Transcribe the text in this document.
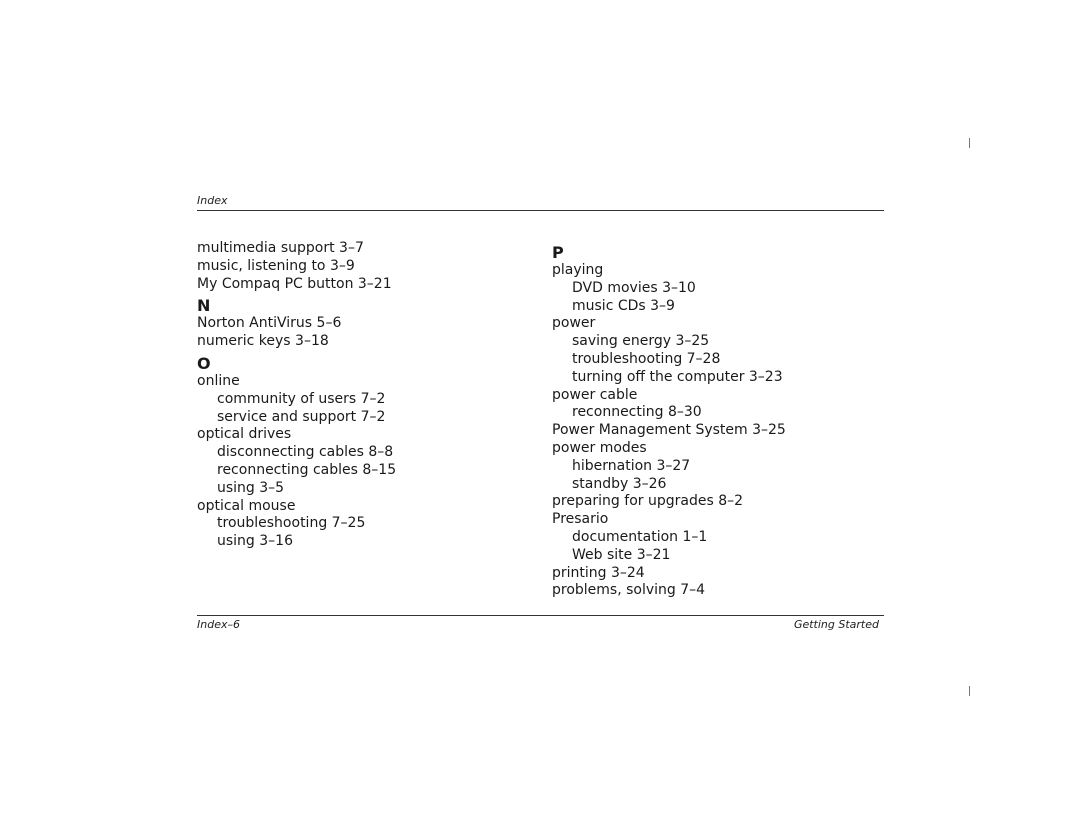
Index
multimedia support 3–7
music, listening to 3–9
My Compaq PC button 3–21
N
Norton AntiVirus 5–6
numeric keys 3–18
O
online
community of users 7–2
service and support 7–2
optical drives
disconnecting cables 8–8
reconnecting cables 8–15
using 3–5
optical mouse
troubleshooting 7–25
using 3–16
P
playing
DVD movies 3–10
music CDs 3–9
power
saving energy 3–25
troubleshooting 7–28
turning off the computer 3–23
power cable
reconnecting 8–30
Power Management System 3–25
power modes
hibernation 3–27
standby 3–26
preparing for upgrades 8–2
Presario
documentation 1–1
Web site 3–21
printing 3–24
problems, solving 7–4
Index–6	Getting Started
